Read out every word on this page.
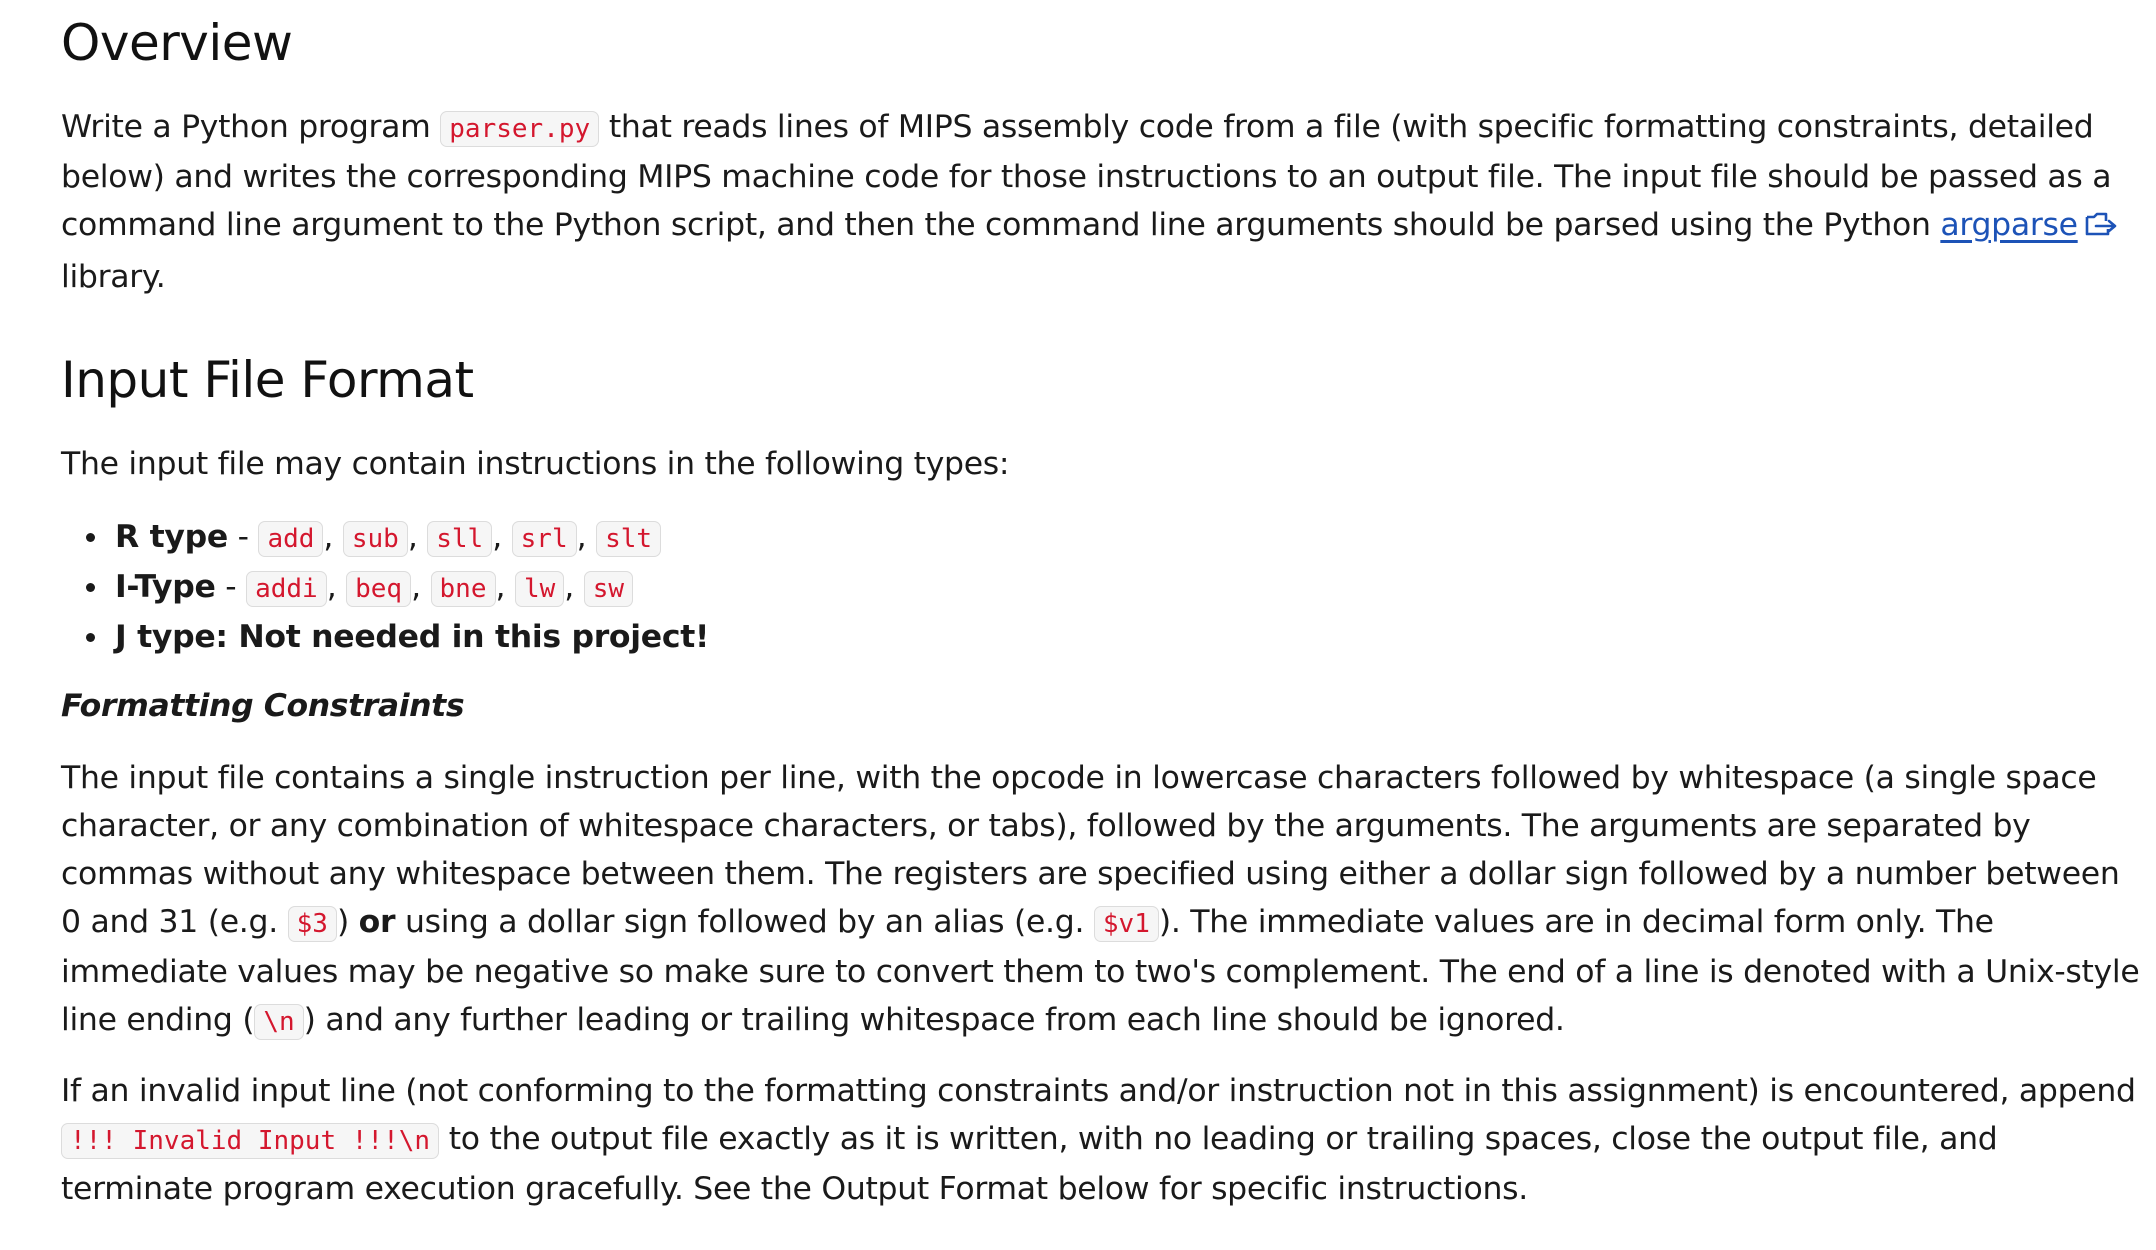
Overview

Write a Python program parser.py that reads lines of MIPS assembly code from a file (with specific formatting constraints, detailed below) and writes the corresponding MIPS machine code for those instructions to an output file. The input file should be passed as a command line argument to the Python script, and then the command line arguments should be parsed using the Python argparse library.

Input File Format

The input file may contain instructions in the following types:

• R type - add , sub , sll , srl , slt
• I-Type - addi , beq , bne , lw , sw
• J type: Not needed in this project!
Formatting Constraints

The input file contains a single instruction per line, with the opcode in lowercase characters followed by whitespace (a single space character, or any combination of whitespace characters, or tabs), followed by the arguments. The arguments are separated by commas without any whitespace between them. The registers are specified using either a dollar sign followed by a number between 0 and 31 (e.g. $3 ) or using a dollar sign followed by an alias (e.g. $v1 ). The immediate values are in decimal form only. The immediate values may be negative so make sure to convert them to two's complement. The end of a line is denoted with a Unix-style line ending ( \n ) and any further leading or trailing whitespace from each line should be ignored.

If an invalid input line (not conforming to the formatting constraints and/or instruction not in this assignment) is encountered, append !!! Invalid Input !!!\n to the output file exactly as it is written, with no leading or trailing spaces, close the output file, and terminate program execution gracefully. See the Output Format below for specific instructions.
